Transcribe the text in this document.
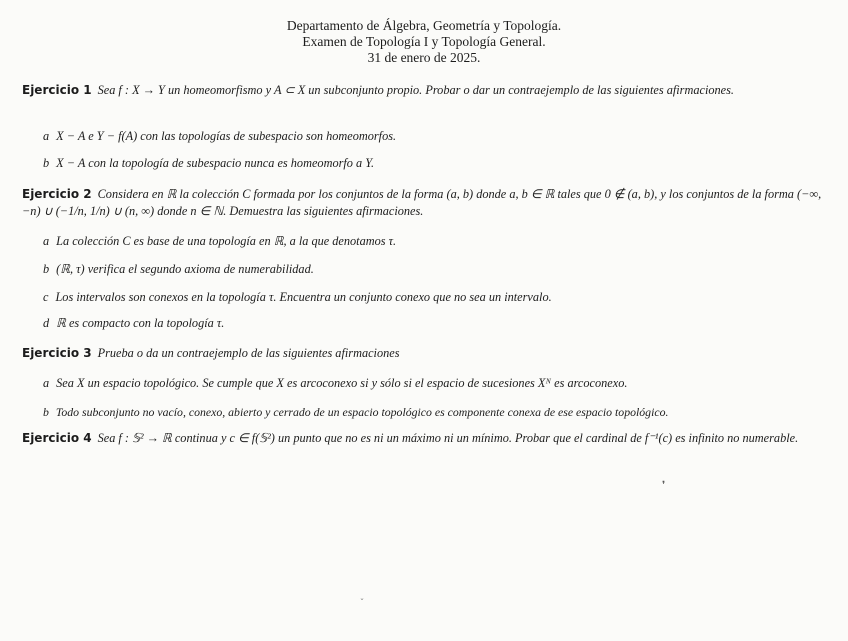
Departamento de Álgebra, Geometría y Topología.
Examen de Topología I y Topología General.
31 de enero de 2025.
Ejercicio 1 Sea f : X → Y un homeomorfismo y A ⊂ X un subconjunto propio. Probar o dar un contraejemplo de las siguientes afirmaciones.
a X − A e Y − f(A) con las topologías de subespacio son homeomorfos.
b X − A con la topología de subespacio nunca es homeomorfo a Y.
Ejercicio 2 Considera en ℝ la colección C formada por los conjuntos de la forma (a, b) donde a, b ∈ ℝ tales que 0 ∉ (a, b), y los conjuntos de la forma (−∞, −n) ∪ (−1/n, 1/n) ∪ (n, ∞) donde n ∈ ℕ. Demuestra las siguientes afirmaciones.
a La colección C es base de una topología en ℝ, a la que denotamos τ.
b (ℝ, τ) verifica el segundo axioma de numerabilidad.
c Los intervalos son conexos en la topología τ. Encuentra un conjunto conexo que no sea un intervalo.
d ℝ es compacto con la topología τ.
Ejercicio 3 Prueba o da un contraejemplo de las siguientes afirmaciones
a Sea X un espacio topológico. Se cumple que X es arcoconexo si y sólo si el espacio de sucesiones Xᴺ es arcoconexo.
b Todo subconjunto no vacío, conexo, abierto y cerrado de un espacio topológico es componente conexa de ese espacio topológico.
Ejercicio 4 Sea f : 𝕊² → ℝ continua y c ∈ f(𝕊²) un punto que no es ni un máximo ni un mínimo. Probar que el cardinal de f⁻¹(c) es infinito no numerable.
❜
˘
